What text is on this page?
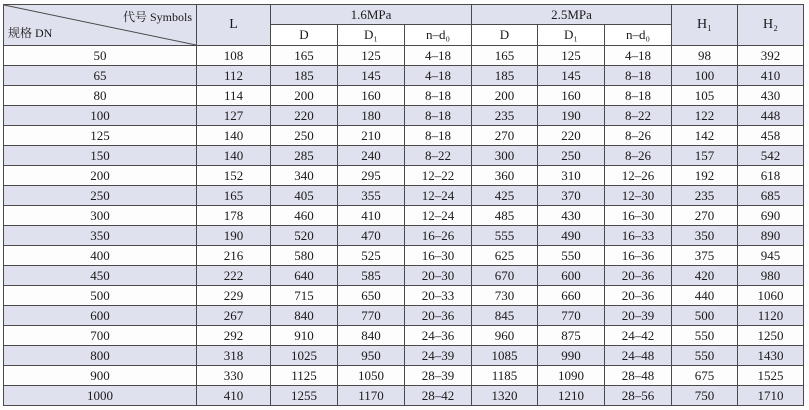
代号 Symbols
规格 DN	L	1.6MPa			2.5MPa			H₁	H₂
		D	D₁	n–d₀	D	D₁	n–d₀		
50	108	165	125	4–18	165	125	4–18	98	392
65	112	185	145	4–18	185	145	8–18	100	410
80	114	200	160	8–18	200	160	8–18	105	430
100	127	220	180	8–18	235	190	8–22	122	448
125	140	250	210	8–18	270	220	8–26	142	458
150	140	285	240	8–22	300	250	8–26	157	542
200	152	340	295	12–22	360	310	12–26	192	618
250	165	405	355	12–24	425	370	12–30	235	685
300	178	460	410	12–24	485	430	16–30	270	690
350	190	520	470	16–26	555	490	16–33	350	890
400	216	580	525	16–30	625	550	16–36	375	945
450	222	640	585	20–30	670	600	20–36	420	980
500	229	715	650	20–33	730	660	20–36	440	1060
600	267	840	770	20–36	845	770	20–39	500	1120
700	292	910	840	24–36	960	875	24–42	550	1250
800	318	1025	950	24–39	1085	990	24–48	550	1430
900	330	1125	1050	28–39	1185	1090	28–48	675	1525
1000	410	1255	1170	28–42	1320	1210	28–56	750	1710
